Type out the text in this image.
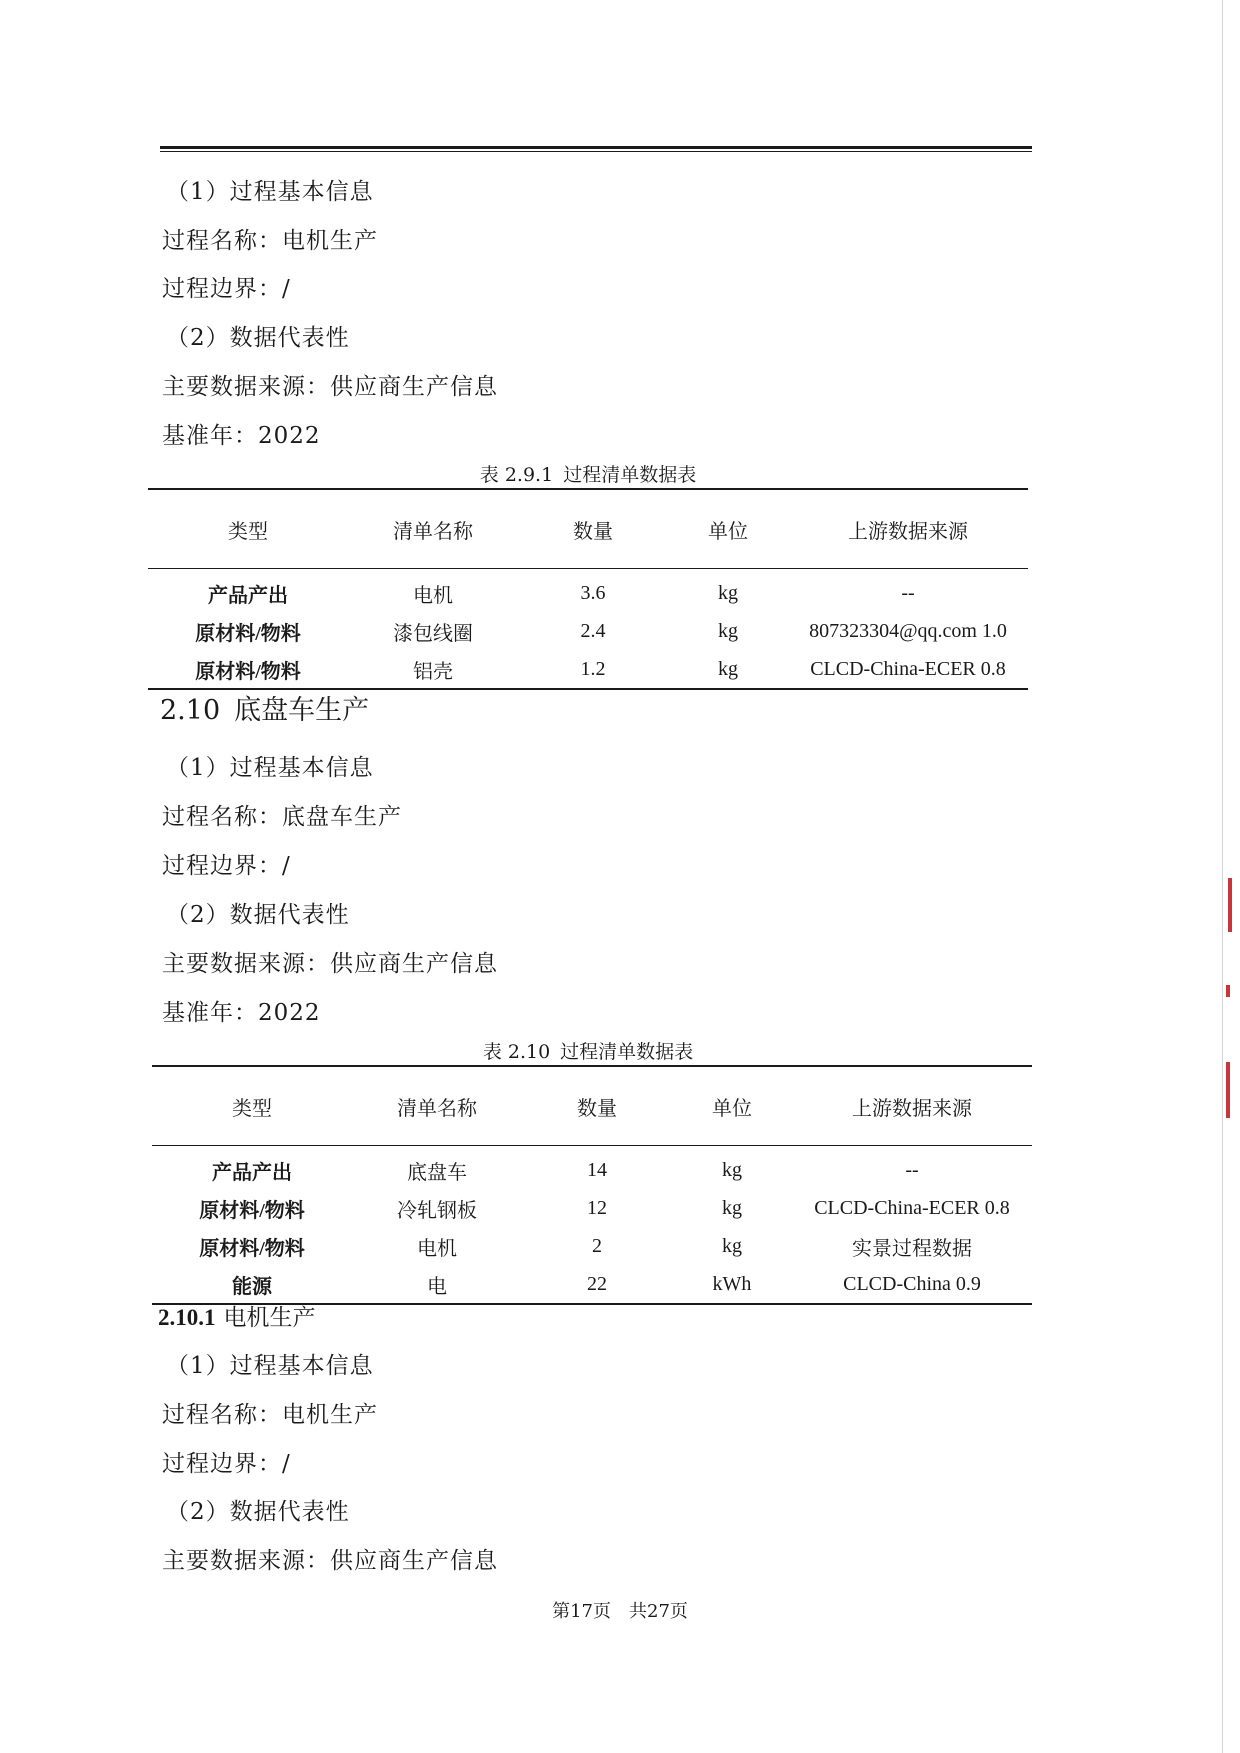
（1）过程基本信息
过程名称：电机生产
过程边界：/
（2）数据代表性
主要数据来源：供应商生产信息
基准年：2022
表 2.9.1 过程清单数据表
类型	清单名称	数量	单位	上游数据来源
产品产出	电机	3.6	kg	--
原材料/物料	漆包线圈	2.4	kg	807323304@qq.com 1.0
原材料/物料	铝壳	1.2	kg	CLCD-China-ECER 0.8
2.10 底盘车生产
（1）过程基本信息
过程名称：底盘车生产
过程边界：/
（2）数据代表性
主要数据来源：供应商生产信息
基准年：2022
表 2.10 过程清单数据表
类型	清单名称	数量	单位	上游数据来源
产品产出	底盘车	14	kg	--
原材料/物料	冷轧钢板	12	kg	CLCD-China-ECER 0.8
原材料/物料	电机	2	kg	实景过程数据
能源	电	22	kWh	CLCD-China 0.9
2.10.1 电机生产
（1）过程基本信息
过程名称：电机生产
过程边界：/
（2）数据代表性
主要数据来源：供应商生产信息
第17页 共27页
